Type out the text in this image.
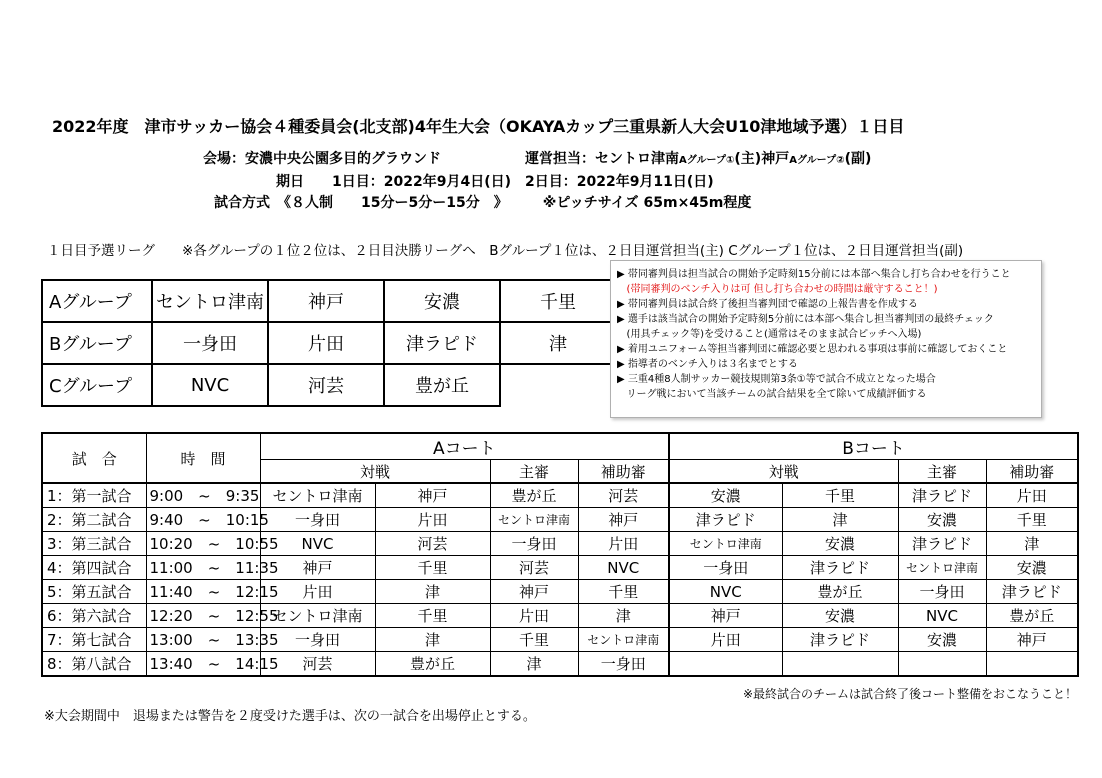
2022年度　津市サッカー協会４種委員会(北支部)4年生大会（OKAYAカップ三重県新人大会U10津地域予選）１日目
会場：安濃中央公園多目的グラウンド	運営担当：セントロ津南Aグループ①(主)神戸Aグループ②(副)
期日　　1日目：2022年9月4日(日)　2日目：2022年9月11日(日)
試合方式　《８人制　　15分ー5分ー15分　》　　　※ピッチサイズ 65m×45m程度
１日目予選リーグ　　※各グループの１位２位は、２日目決勝リーグへ　Bグループ１位は、２日目運営担当(主) Cグループ１位は、２日目運営担当(副)
Aグループ	セントロ津南	神戸	安濃	千里
Bグループ	一身田	片田	津ラピド	津
Cグループ	NVC	河芸	豊が丘	
▶ 帯同審判員は担当試合の開始予定時刻15分前には本部へ集合し打ち合わせを行うこと
(帯同審判のベンチ入りは可 但し打ち合わせの時間は厳守すること！)
▶ 帯同審判員は試合終了後担当審判団で確認の上報告書を作成する
▶ 選手は該当試合の開始予定時刻5分前には本部へ集合し担当審判団の最終チェック
(用具チェック等)を受けること(通常はそのまま試合ピッチへ入場)
▶ 着用ユニフォーム等担当審判団に確認必要と思われる事項は事前に確認しておくこと
▶ 指導者のベンチ入りは３名までとする
▶ 三重4種8人制サッカー競技規則第3条①等で試合不成立となった場合
リーグ戦において当該チームの試合結果を全て除いて成績評価する
試　合	時　間	Aコート				Bコート			
		対戦		主審	補助審	対戦		主審	補助審
1：第一試合	9:00　~　9:35	セントロ津南	神戸	豊が丘	河芸	安濃	千里	津ラピド	片田
2：第二試合	9:40　~　10:15	一身田	片田	セントロ津南	神戸	津ラピド	津	安濃	千里
3：第三試合	10:20　~　10:55	NVC	河芸	一身田	片田	セントロ津南	安濃	津ラピド	津
4：第四試合	11:00　~　11:35	神戸	千里	河芸	NVC	一身田	津ラピド	セントロ津南	安濃
5：第五試合	11:40　~　12:15	片田	津	神戸	千里	NVC	豊が丘	一身田	津ラピド
6：第六試合	12:20　~　12:55	セントロ津南	千里	片田	津	神戸	安濃	NVC	豊が丘
7：第七試合	13:00　~　13:35	一身田	津	千里	セントロ津南	片田	津ラピド	安濃	神戸
8：第八試合	13:40　~　14:15	河芸	豊が丘	津	一身田				
※最終試合のチームは試合終了後コート整備をおこなうこと！
※大会期間中　退場または警告を２度受けた選手は、次の一試合を出場停止とする。
